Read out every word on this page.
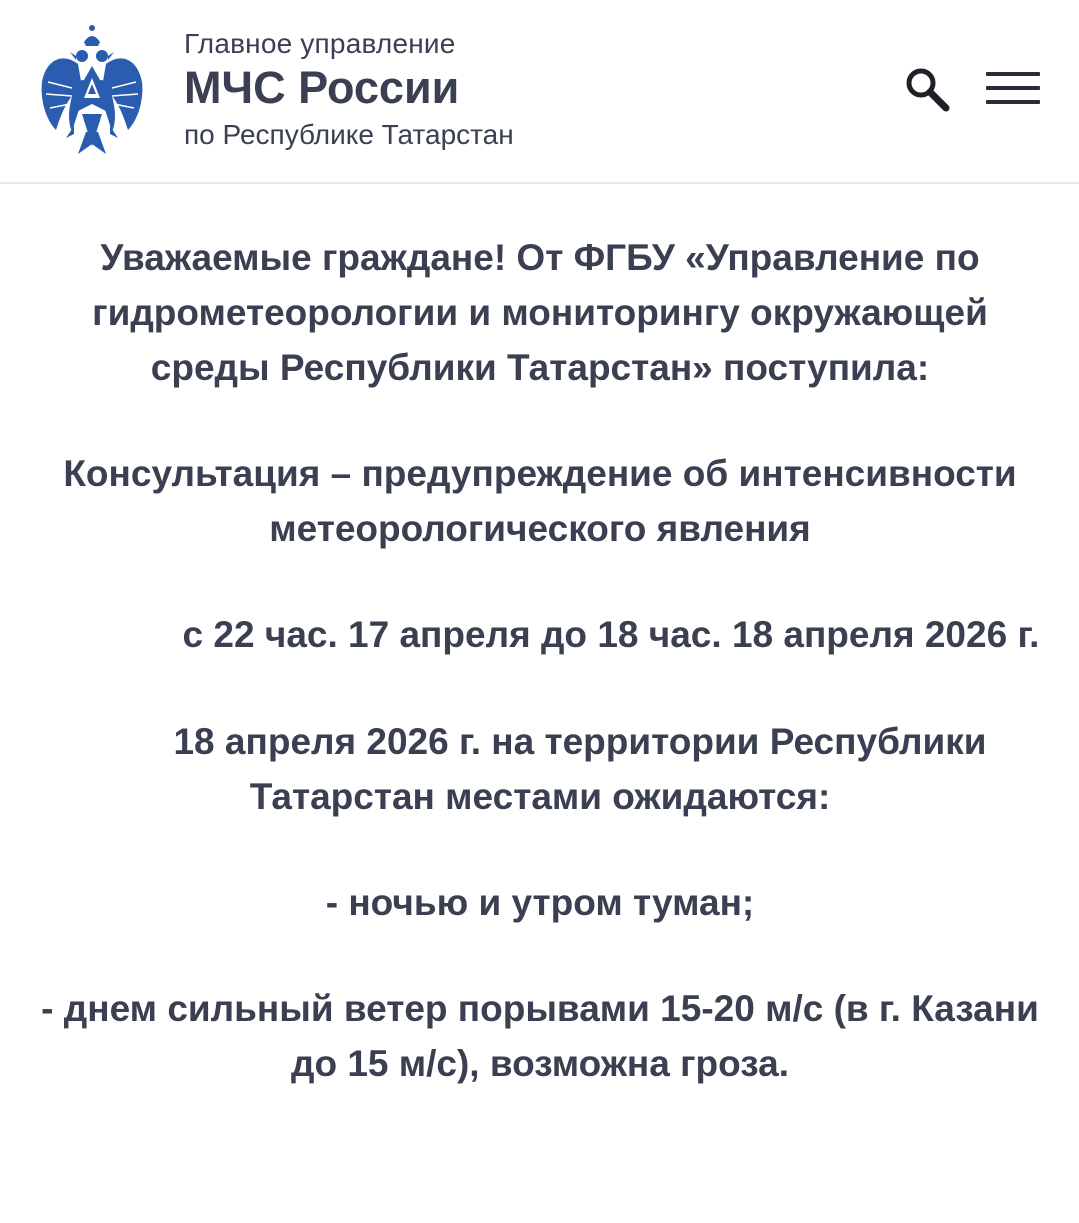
Главное управление
МЧС России
по Республике Татарстан

Уважаемые граждане! От ФГБУ «Управление по гидрометеорологии и мониторингу окружающей среды Республики Татарстан» поступила:

Консультация – предупреждение об интенсивности метеорологического явления

с 22 час. 17 апреля до 18 час. 18 апреля 2026 г.

18 апреля 2026 г. на территории Республики Татарстан местами ожидаются:

- ночью и утром туман;

- днем сильный ветер порывами 15-20 м/с (в г. Казани до 15 м/с), возможна гроза.
